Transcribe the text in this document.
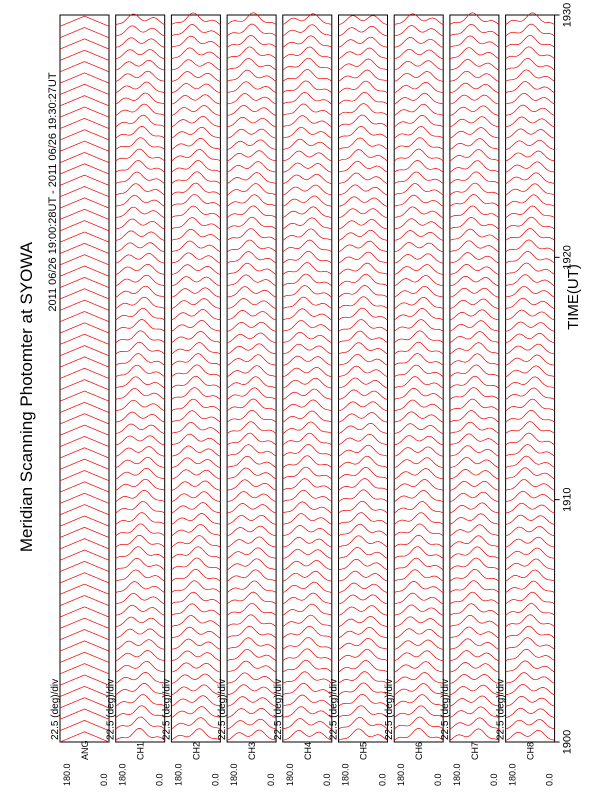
Meridian Scanning Photomter at SYOWA
2011 06/26 19:00:28UT - 2011 06/26 19:30:27UT
180.0	0.0
ANG
22.5 (deg)/div
180.0	0.0
CH1
22.5 (deg)/div
180.0	0.0
CH2
22.5 (deg)/div
180.0	0.0
CH3
22.5 (deg)/div
180.0	0.0
CH4
22.5 (deg)/div
180.0	0.0
CH5
22.5 (deg)/div
180.0	0.0
CH6
22.5 (deg)/div
180.0	0.0
CH7
22.5 (deg)/div
180.0	0.0
CH8
22.5 (deg)/div
1900
1910
1920
1930
TIME(UT)
